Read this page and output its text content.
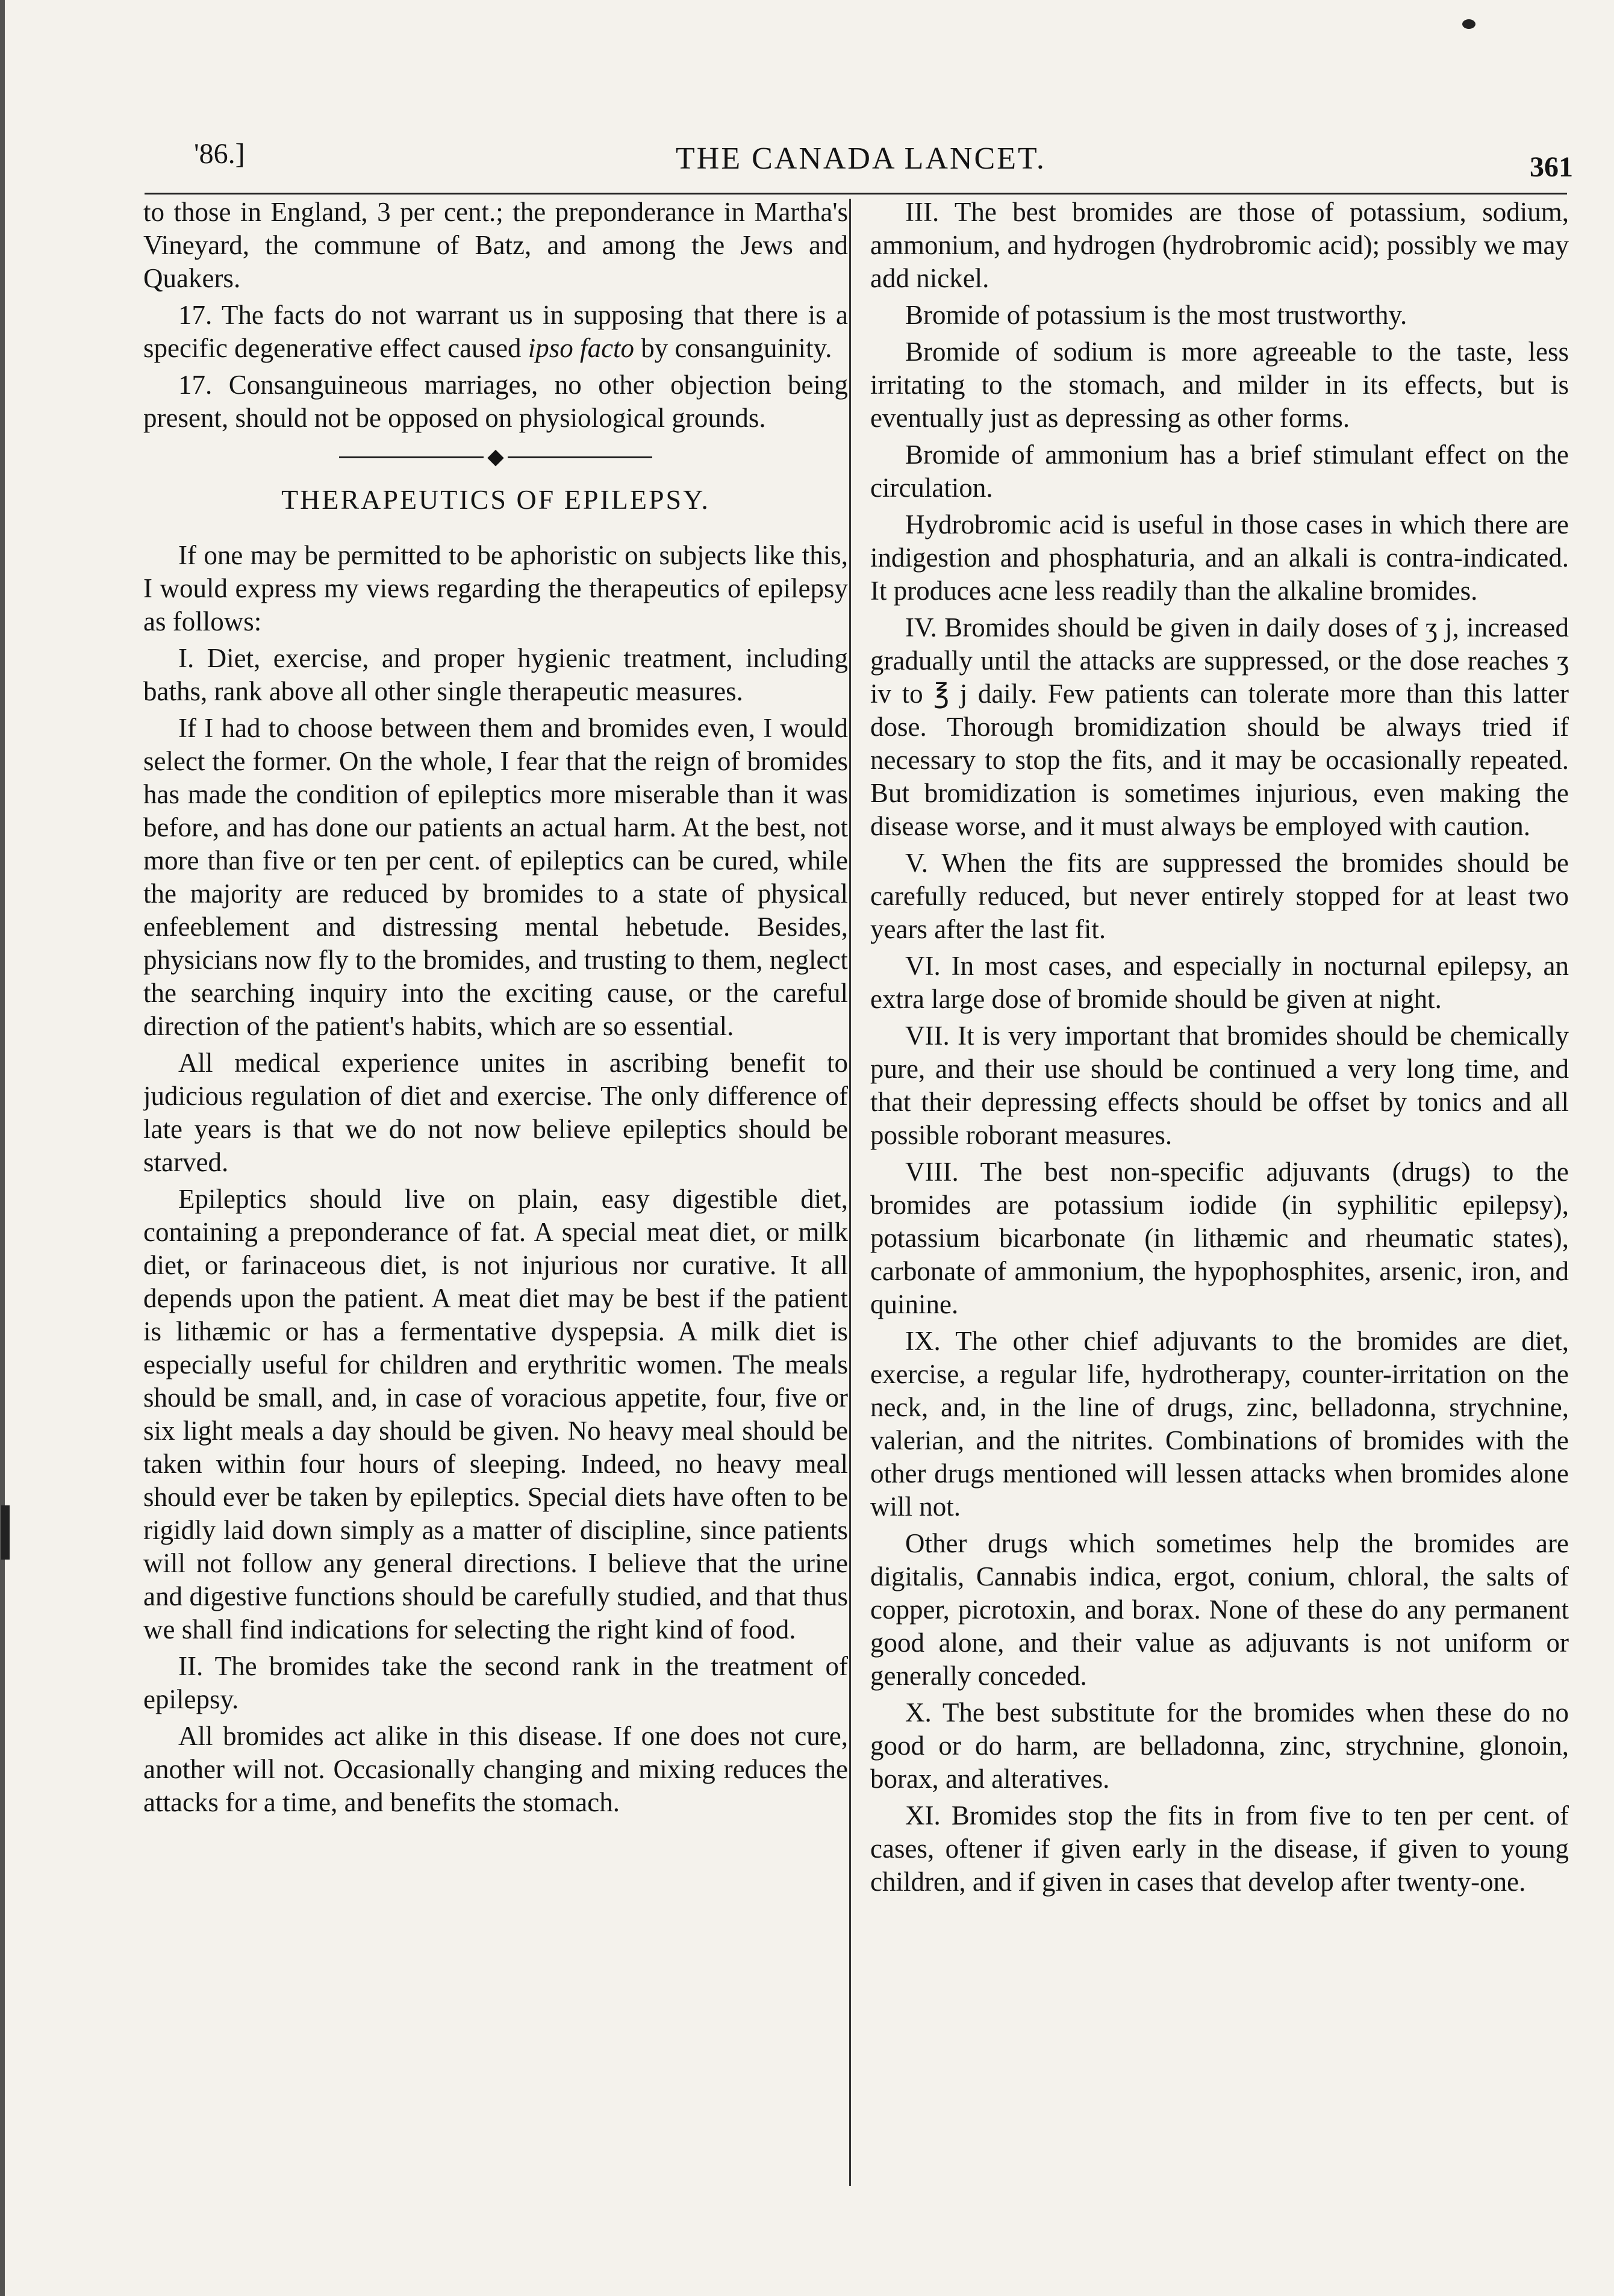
'86.]	THE CANADA LANCET.	361

to those in England, 3 per cent.; the preponderance in Martha's Vineyard, the commune of Batz, and among the Jews and Quakers.

17. The facts do not warrant us in supposing that there is a specific degenerative effect caused ipso facto by consanguinity.

17. Consanguineous marriages, no other objection being present, should not be opposed on physiological grounds.

◆
THERAPEUTICS OF EPILEPSY.

If one may be permitted to be aphoristic on subjects like this, I would express my views regarding the therapeutics of epilepsy as follows:

I. Diet, exercise, and proper hygienic treatment, including baths, rank above all other single therapeutic measures.

If I had to choose between them and bromides even, I would select the former. On the whole, I fear that the reign of bromides has made the condition of epileptics more miserable than it was before, and has done our patients an actual harm. At the best, not more than five or ten per cent. of epileptics can be cured, while the majority are reduced by bromides to a state of physical enfeeblement and distressing mental hebetude. Besides, physicians now fly to the bromides, and trusting to them, neglect the searching inquiry into the exciting cause, or the careful direction of the patient's habits, which are so essential.

All medical experience unites in ascribing benefit to judicious regulation of diet and exercise. The only difference of late years is that we do not now believe epileptics should be starved.

Epileptics should live on plain, easy digestible diet, containing a preponderance of fat. A special meat diet, or milk diet, or farinaceous diet, is not injurious nor curative. It all depends upon the patient. A meat diet may be best if the patient is lithæmic or has a fermentative dyspepsia. A milk diet is especially useful for children and erythritic women. The meals should be small, and, in case of voracious appetite, four, five or six light meals a day should be given. No heavy meal should be taken within four hours of sleeping. Indeed, no heavy meal should ever be taken by epileptics. Special diets have often to be rigidly laid down simply as a matter of discipline, since patients will not follow any general directions. I believe that the urine and digestive functions should be carefully studied, and that thus we shall find indications for selecting the right kind of food.

II. The bromides take the second rank in the treatment of epilepsy.

All bromides act alike in this disease. If one does not cure, another will not. Occasionally changing and mixing reduces the attacks for a time, and benefits the stomach.

III. The best bromides are those of potassium, sodium, ammonium, and hydrogen (hydrobromic acid); possibly we may add nickel.

Bromide of potassium is the most trustworthy.

Bromide of sodium is more agreeable to the taste, less irritating to the stomach, and milder in its effects, but is eventually just as depressing as other forms.

Bromide of ammonium has a brief stimulant effect on the circulation.

Hydrobromic acid is useful in those cases in which there are indigestion and phosphaturia, and an alkali is contra-indicated. It produces acne less readily than the alkaline bromides.

IV. Bromides should be given in daily doses of ʒ j, increased gradually until the attacks are suppressed, or the dose reaches ʒ iv to ℥ j daily. Few patients can tolerate more than this latter dose. Thorough bromidization should be always tried if necessary to stop the fits, and it may be occasionally repeated. But bromidization is sometimes injurious, even making the disease worse, and it must always be employed with caution.

V. When the fits are suppressed the bromides should be carefully reduced, but never entirely stopped for at least two years after the last fit.

VI. In most cases, and especially in nocturnal epilepsy, an extra large dose of bromide should be given at night.

VII. It is very important that bromides should be chemically pure, and their use should be continued a very long time, and that their depressing effects should be offset by tonics and all possible roborant measures.

VIII. The best non-specific adjuvants (drugs) to the bromides are potassium iodide (in syphilitic epilepsy), potassium bicarbonate (in lithæmic and rheumatic states), carbonate of ammonium, the hypophosphites, arsenic, iron, and quinine.

IX. The other chief adjuvants to the bromides are diet, exercise, a regular life, hydrotherapy, counter-irritation on the neck, and, in the line of drugs, zinc, belladonna, strychnine, valerian, and the nitrites. Combinations of bromides with the other drugs mentioned will lessen attacks when bromides alone will not.

Other drugs which sometimes help the bromides are digitalis, Cannabis indica, ergot, conium, chloral, the salts of copper, picrotoxin, and borax. None of these do any permanent good alone, and their value as adjuvants is not uniform or generally conceded.

X. The best substitute for the bromides when these do no good or do harm, are belladonna, zinc, strychnine, glonoin, borax, and alteratives.

XI. Bromides stop the fits in from five to ten per cent. of cases, oftener if given early in the disease, if given to young children, and if given in cases that develop after twenty-one.
